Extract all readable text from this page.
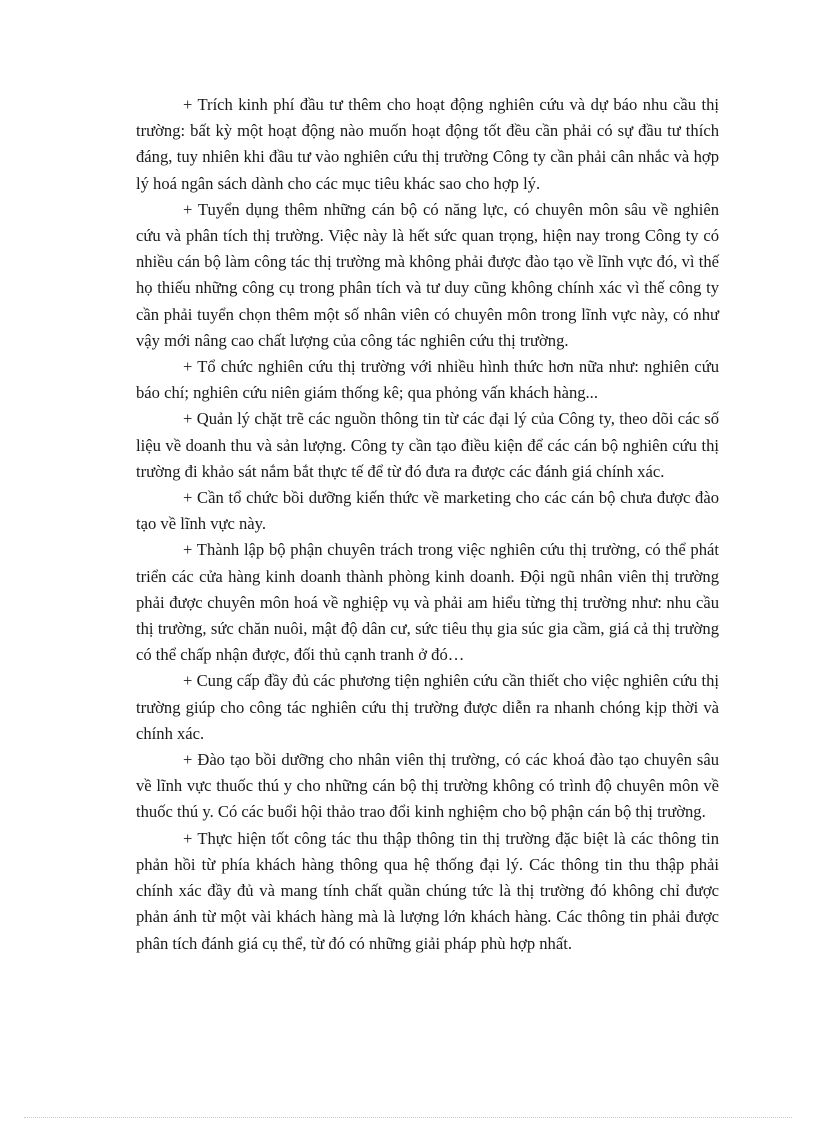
+ Trích kinh phí đầu tư thêm cho hoạt động nghiên cứu và dự báo nhu cầu thị trường: bất kỳ một hoạt động nào muốn hoạt động tốt đều cần phải có sự đầu tư thích đáng, tuy nhiên khi đầu tư vào nghiên cứu thị trường Công ty cần phải cân nhắc và hợp lý hoá ngân sách dành cho các mục tiêu khác sao cho hợp lý.

+ Tuyển dụng thêm những cán bộ có năng lực, có chuyên môn sâu về nghiên cứu và phân tích thị trường. Việc này là hết sức quan trọng, hiện nay trong Công ty có nhiều cán bộ làm công tác thị trường mà không phải được đào tạo về lĩnh vực đó, vì thế họ thiếu những công cụ trong phân tích và tư duy cũng không chính xác vì thế công ty cần phải tuyển chọn thêm một số nhân viên có chuyên môn trong lĩnh vực này, có như vậy mới nâng cao chất lượng của công tác nghiên cứu thị trường.

+ Tổ chức nghiên cứu thị trường với nhiều hình thức hơn nữa như: nghiên cứu báo chí; nghiên cứu niên giám thống kê; qua phỏng vấn khách hàng...

+ Quản lý chặt trẽ các nguồn thông tin từ các đại lý của Công ty, theo dõi các số liệu về doanh thu và sản lượng. Công ty cần tạo điều kiện để các cán bộ nghiên cứu thị trường đi khảo sát nắm bắt thực tế để từ đó đưa ra được các đánh giá chính xác.

+ Cần tổ chức bồi dưỡng kiến thức về marketing cho các cán bộ chưa được đào tạo về lĩnh vực này.

+ Thành lập bộ phận chuyên trách trong việc nghiên cứu thị trường, có thể phát triển các cửa hàng kinh doanh thành phòng kinh doanh. Đội ngũ nhân viên thị trường phải được chuyên môn hoá về nghiệp vụ và phải am hiểu từng thị trường như: nhu cầu thị trường, sức chăn nuôi, mật độ dân cư, sức tiêu thụ gia súc gia cầm, giá cả thị trường có thể chấp nhận được, đối thủ cạnh tranh ở đó…

+ Cung cấp đầy đủ các phương tiện nghiên cứu cần thiết cho việc nghiên cứu thị trường giúp cho công tác nghiên cứu thị trường được diễn ra nhanh chóng kịp thời và chính xác.

+ Đào tạo bồi dưỡng cho nhân viên thị trường, có các khoá đào tạo chuyên sâu về lĩnh vực thuốc thú y cho những cán bộ thị trường không có trình độ chuyên môn về thuốc thú y. Có các buổi hội thảo trao đổi kinh nghiệm cho bộ phận cán bộ thị trường.

+ Thực hiện tốt công tác thu thập thông tin thị trường đặc biệt là các thông tin phản hồi từ phía khách hàng thông qua hệ thống đại lý. Các thông tin thu thập phải chính xác đầy đủ và mang tính chất quần chúng tức là thị trường đó không chỉ được phản ánh từ một vài khách hàng mà là lượng lớn khách hàng. Các thông tin phải được phân tích đánh giá cụ thể, từ đó có những giải pháp phù hợp nhất.
